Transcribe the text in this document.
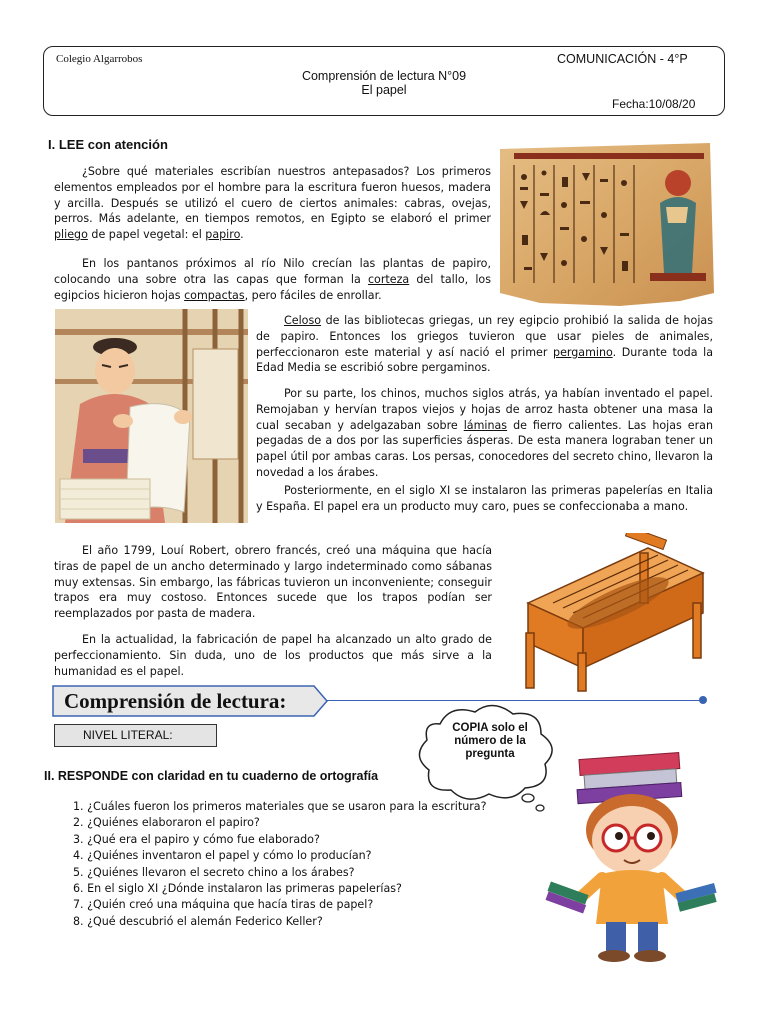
Colegio Algarrobos	COMUNICACIÓN - 4°P
Comprensión de lectura N°09
El papel
Fecha:10/08/20
I. LEE con atención

¿Sobre qué materiales escribían nuestros antepasados? Los primeros elementos empleados por el hombre para la escritura fueron huesos, madera y arcilla. Después se utilizó el cuero de ciertos animales: cabras, ovejas, perros. Más adelante, en tiempos remotos, en Egipto se elaboró el primer pliego de papel vegetal: el papiro.

En los pantanos próximos al río Nilo crecían las plantas de papiro, colocando una sobre otra las capas que forman la corteza del tallo, los egipcios hicieron hojas compactas, pero fáciles de enrollar.

Celoso de las bibliotecas griegas, un rey egipcio prohibió la salida de hojas de papiro. Entonces los griegos tuvieron que usar pieles de animales, perfeccionaron este material y así nació el primer pergamino. Durante toda la Edad Media se escribió sobre pergaminos.

Por su parte, los chinos, muchos siglos atrás, ya habían inventado el papel. Remojaban y hervían trapos viejos y hojas de arroz hasta obtener una masa la cual secaban y adelgazaban sobre láminas de fierro calientes. Las hojas eran pegadas de a dos por las superficies ásperas. De esta manera lograban tener un papel útil por ambas caras. Los persas, conocedores del secreto chino, llevaron la novedad a los árabes.

Posteriormente, en el siglo XI se instalaron las primeras papelerías en Italia y España. El papel era un producto muy caro, pues se confeccionaba a mano.

El año 1799, Louí Robert, obrero francés, creó una máquina que hacía tiras de papel de un ancho determinado y largo indeterminado como sábanas muy extensas. Sin embargo, las fábricas tuvieron un inconveniente; conseguir trapos era muy costoso. Entonces sucede que los trapos podían ser reemplazados por pasta de madera.

En la actualidad, la fabricación de papel ha alcanzado un alto grado de perfeccionamiento. Sin duda, uno de los productos que más sirve a la humanidad es el papel.

Comprensión de lectura:
NIVEL LITERAL:	COPIA solo el número de la pregunta
II. RESPONDE con claridad en tu cuaderno de ortografía
1. ¿Cuáles fueron los primeros materiales que se usaron para la escritura?
2. ¿Quiénes elaboraron el papiro?
3. ¿Qué era el papiro y cómo fue elaborado?
4. ¿Quiénes inventaron el papel y cómo lo producían?
5. ¿Quiénes llevaron el secreto chino a los árabes?
6. En el siglo XI ¿Dónde instalaron las primeras papelerías?
7. ¿Quién creó una máquina que hacía tiras de papel?
8. ¿Qué descubrió el alemán Federico Keller?
